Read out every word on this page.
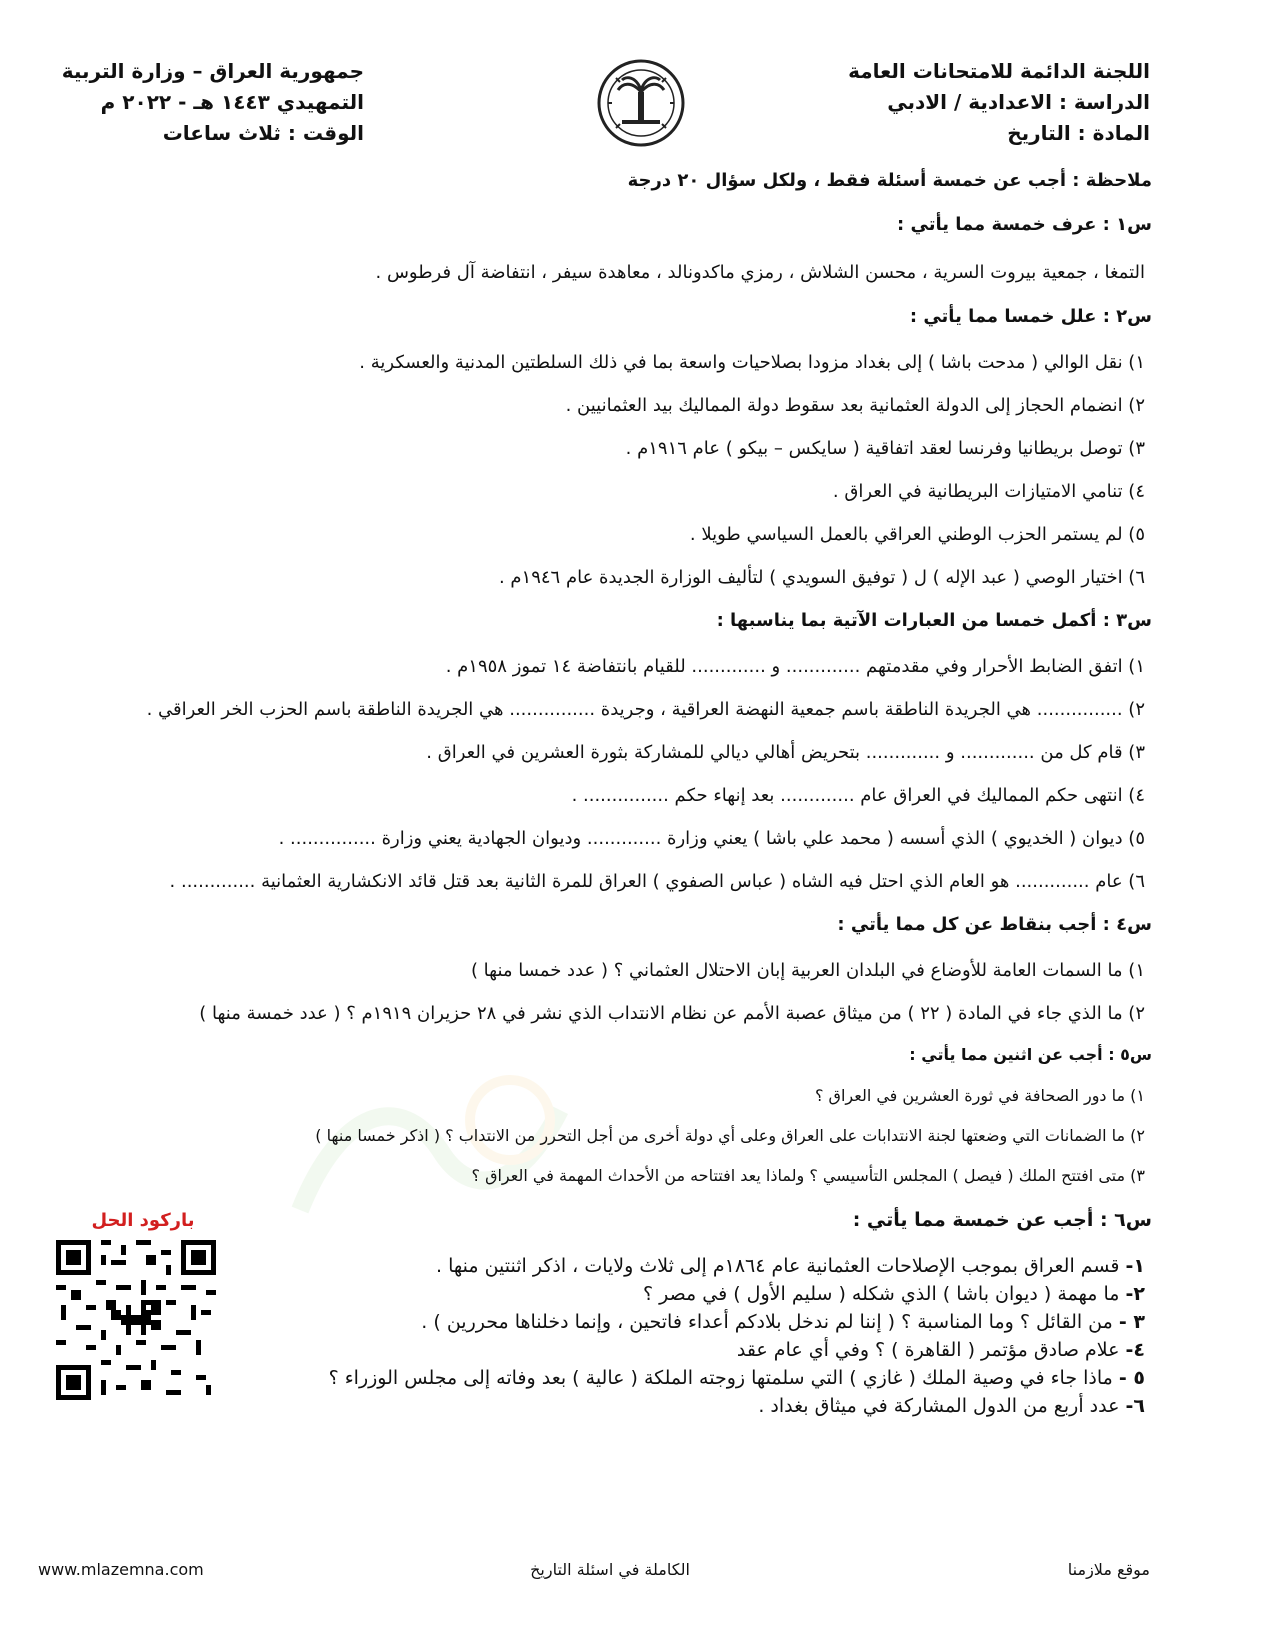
اللجنة الدائمة للامتحانات العامة
الدراسة : الاعدادية / الادبي
المادة : التاريخ
جمهورية العراق – وزارة التربية
التمهيدي ١٤٤٣ هـ - ٢٠٢٢ م
الوقت : ثلاث ساعات
ملاحظة : أجب عن خمسة أسئلة فقط ، ولكل سؤال ٢٠ درجة
س١ : عرف خمسة مما يأتي :
التمغا ، جمعية بيروت السرية ، محسن الشلاش ، رمزي ماكدونالد ، معاهدة سيفر ، انتفاضة آل فرطوس .
س٢ : علل خمسا مما يأتي :
١) نقل الوالي ( مدحت باشا ) إلى بغداد مزودا بصلاحيات واسعة بما في ذلك السلطتين المدنية والعسكرية .
٢) انضمام الحجاز إلى الدولة العثمانية بعد سقوط دولة المماليك بيد العثمانيين .
٣) توصل بريطانيا وفرنسا لعقد اتفاقية ( سايكس – بيكو ) عام ١٩١٦م .
٤) تنامي الامتيازات البريطانية في العراق .
٥) لم يستمر الحزب الوطني العراقي بالعمل السياسي طويلا .
٦) اختيار الوصي ( عبد الإله ) ل ( توفيق السويدي ) لتأليف الوزارة الجديدة عام ١٩٤٦م .
س٣ : أكمل خمسا من العبارات الآتية بما يناسبها :
١) اتفق الضابط الأحرار وفي مقدمتهم ............. و ............. للقيام بانتفاضة ١٤ تموز ١٩٥٨م .
٢) ............... هي الجريدة الناطقة باسم جمعية النهضة العراقية ، وجريدة ............... هي الجريدة الناطقة باسم الحزب الخر العراقي .
٣) قام كل من ............. و ............. بتحريض أهالي ديالي للمشاركة بثورة العشرين في العراق .
٤) انتهى حكم المماليك في العراق عام ............. بعد إنهاء حكم ............... .
٥) ديوان ( الخديوي ) الذي أسسه ( محمد علي باشا ) يعني وزارة ............. وديوان الجهادية يعني وزارة ............... .
٦) عام ............. هو العام الذي احتل فيه الشاه ( عباس الصفوي ) العراق للمرة الثانية بعد قتل قائد الانكشارية العثمانية ............. .
س٤ : أجب بنقاط عن كل مما يأتي :
١) ما السمات العامة للأوضاع في البلدان العربية إبان الاحتلال العثماني ؟ ( عدد خمسا منها )
٢) ما الذي جاء في المادة ( ٢٢ ) من ميثاق عصبة الأمم عن نظام الانتداب الذي نشر في ٢٨ حزيران ١٩١٩م ؟ ( عدد خمسة منها )
س٥ : أجب عن اثنين مما يأتي :
١) ما دور الصحافة في ثورة العشرين في العراق ؟
٢) ما الضمانات التي وضعتها لجنة الانتدابات على العراق وعلى أي دولة أخرى من أجل التحرر من الانتداب ؟ ( اذكر خمسا منها )
٣) متى افتتح الملك ( فيصل ) المجلس التأسيسي ؟ ولماذا يعد افتتاحه من الأحداث المهمة في العراق ؟
س٦ : أجب عن خمسة مما يأتي :
١- قسم العراق بموجب الإصلاحات العثمانية عام ١٨٦٤م إلى ثلاث ولايات ، اذكر اثنتين منها .
٢- ما مهمة ( ديوان باشا ) الذي شكله ( سليم الأول ) في مصر ؟
٣ - من القائل ؟ وما المناسبة ؟ ( إننا لم ندخل بلادكم أعداء فاتحين ، وإنما دخلناها محررين ) .
٤- علام صادق مؤتمر ( القاهرة ) ؟ وفي أي عام عقد
٥ - ماذا جاء في وصية الملك ( غازي ) التي سلمتها زوجته الملكة ( عالية ) بعد وفاته إلى مجلس الوزراء ؟
٦- عدد أربع من الدول المشاركة في ميثاق بغداد .
باركود الحل
www.mlazemna.com	الكاملة في اسئلة التاريخ	موقع ملازمنا
